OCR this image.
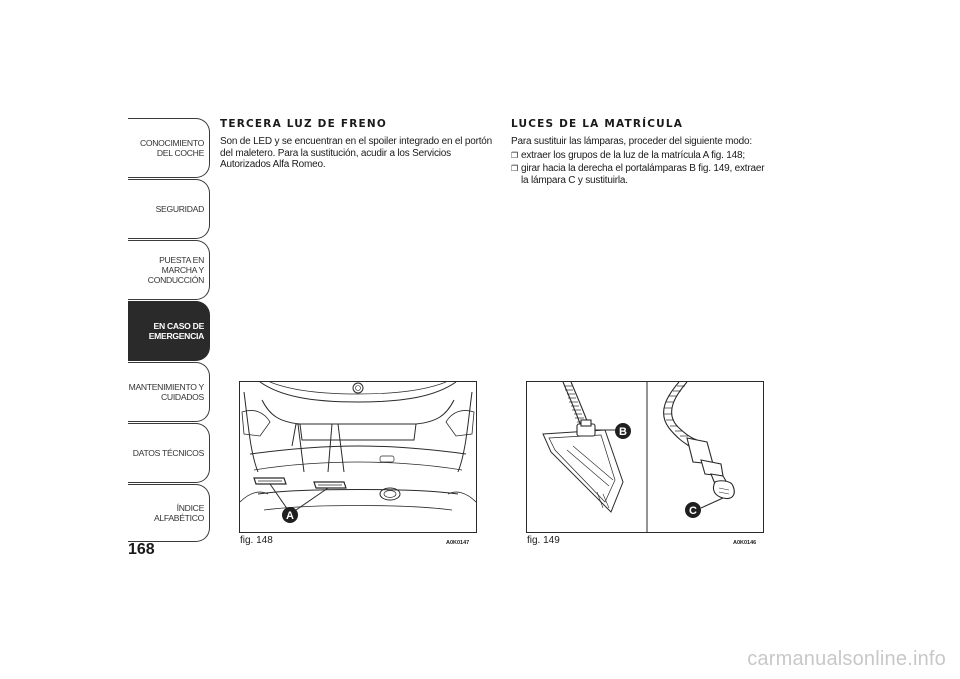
CONOCIMIENTO DEL COCHE
SEGURIDAD
PUESTA EN MARCHA Y CONDUCCIÓN
EN CASO DE EMERGENCIA
MANTENIMIENTO Y CUIDADOS
DATOS TÉCNICOS
ÍNDICE ALFABÉTICO
168
TERCERA LUZ DE FRENO

Son de LED y se encuentran en el spoiler integrado en el portón del maletero. Para la sustitución, acudir a los Servicios Autorizados Alfa Romeo.

LUCES DE LA MATRÍCULA

Para sustituir las lámparas, proceder del siguiente modo:

❒ extraer los grupos de la luz de la matrícula A fig. 148;
❒ girar hacia la derecha el portalámparas B fig. 149, extraer la lámpara C y sustituirla.
A
fig. 148	A0K0147
B
C
fig. 149	A0K0146
carmanualsonline.info
